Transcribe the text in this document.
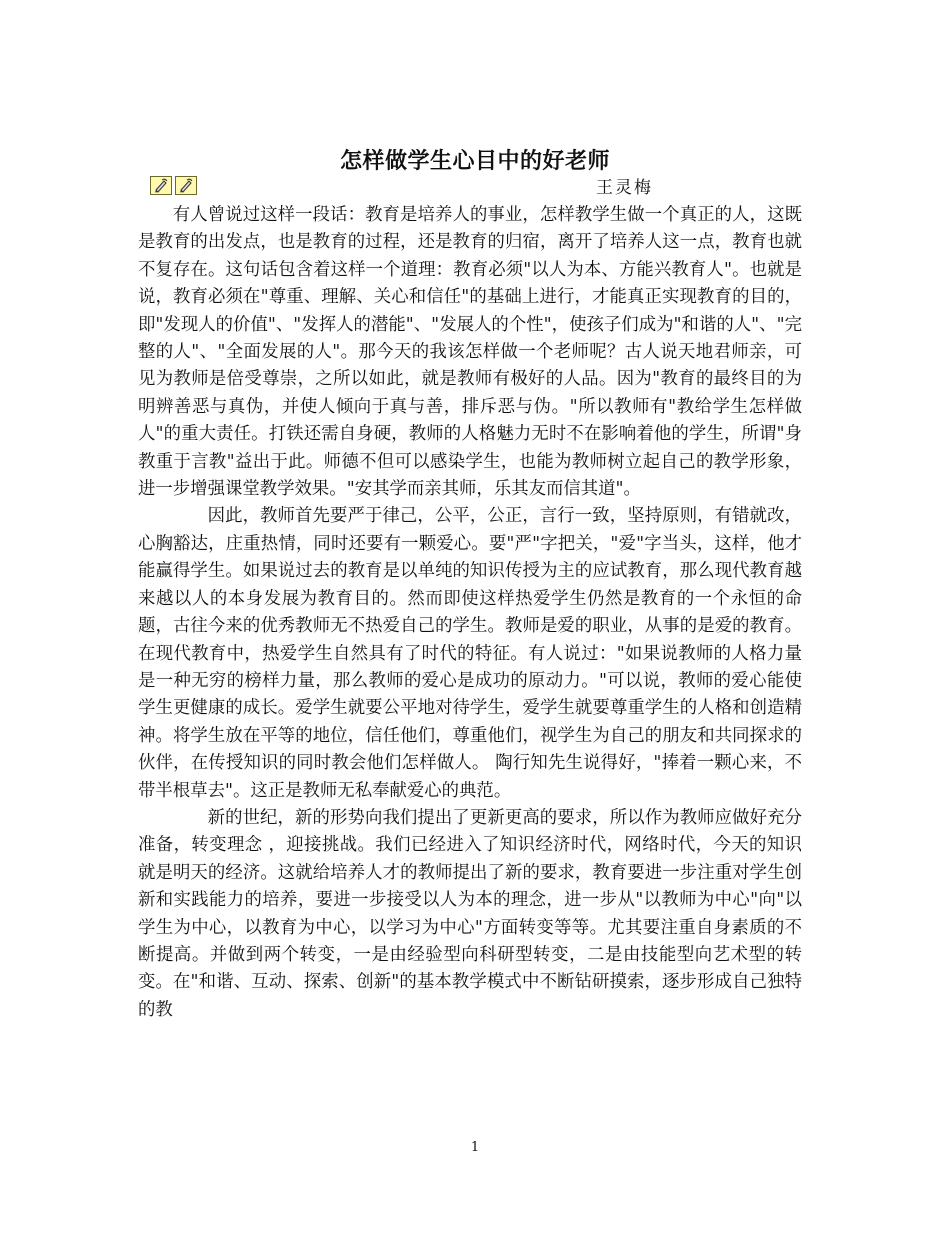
怎样做学生心目中的好老师
王灵梅

有人曾说过这样一段话：教育是培养人的事业，怎样教学生做一个真正的人，这既是教育的出发点，也是教育的过程，还是教育的归宿，离开了培养人这一点，教育也就不复存在。这句话包含着这样一个道理：教育必须"以人为本、方能兴教育人"。也就是说，教育必须在"尊重、理解、关心和信任"的基础上进行，才能真正实现教育的目的，即"发现人的价值"、"发挥人的潜能"、"发展人的个性"，使孩子们成为"和谐的人"、"完整的人"、"全面发展的人"。那今天的我该怎样做一个老师呢？古人说天地君师亲，可见为教师是倍受尊崇，之所以如此，就是教师有极好的人品。因为"教育的最终目的为明辨善恶与真伪，并使人倾向于真与善，排斥恶与伪。"所以教师有"教给学生怎样做人"的重大责任。打铁还需自身硬，教师的人格魅力无时不在影响着他的学生，所谓"身教重于言教"益出于此。师德不但可以感染学生，也能为教师树立起自己的教学形象，进一步增强课堂教学效果。"安其学而亲其师，乐其友而信其道"。

因此，教师首先要严于律己，公平，公正，言行一致，坚持原则，有错就改，心胸豁达，庄重热情，同时还要有一颗爱心。要"严"字把关，"爱"字当头，这样，他才能赢得学生。如果说过去的教育是以单纯的知识传授为主的应试教育，那么现代教育越来越以人的本身发展为教育目的。然而即使这样热爱学生仍然是教育的一个永恒的命题，古往今来的优秀教师无不热爱自己的学生。教师是爱的职业，从事的是爱的教育。在现代教育中，热爱学生自然具有了时代的特征。有人说过："如果说教师的人格力量是一种无穷的榜样力量，那么教师的爱心是成功的原动力。"可以说，教师的爱心能使学生更健康的成长。爱学生就要公平地对待学生，爱学生就要尊重学生的人格和创造精神。将学生放在平等的地位，信任他们，尊重他们，视学生为自己的朋友和共同探求的伙伴，在传授知识的同时教会他们怎样做人。 陶行知先生说得好，"捧着一颗心来，不带半根草去"。这正是教师无私奉献爱心的典范。

新的世纪，新的形势向我们提出了更新更高的要求，所以作为教师应做好充分准备，转变理念 ，迎接挑战。我们已经进入了知识经济时代，网络时代，今天的知识就是明天的经济。这就给培养人才的教师提出了新的要求，教育要进一步注重对学生创新和实践能力的培养，要进一步接受以人为本的理念，进一步从"以教师为中心"向"以学生为中心，以教育为中心，以学习为中心"方面转变等等。尤其要注重自身素质的不断提高。并做到两个转变，一是由经验型向科研型转变，二是由技能型向艺术型的转变。在"和谐、互动、探索、创新"的基本教学模式中不断钻研摸索，逐步形成自己独特的教

1
